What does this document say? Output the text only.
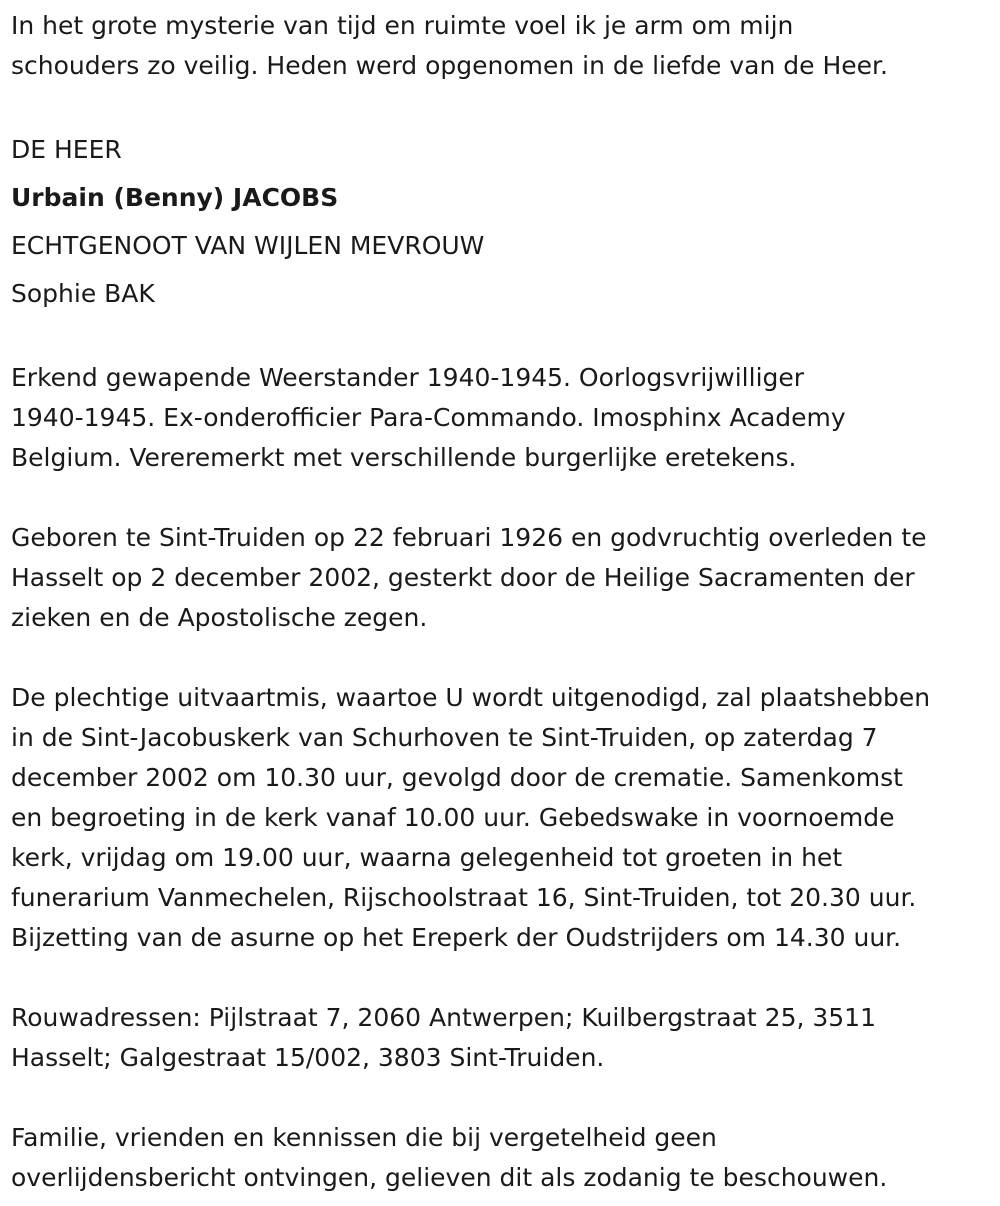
In het grote mysterie van tijd en ruimte voel ik je arm om mijn
schouders zo veilig. Heden werd opgenomen in de liefde van de Heer.
DE HEER
Urbain (Benny) JACOBS
ECHTGENOOT VAN WIJLEN MEVROUW
Sophie BAK
Erkend gewapende Weerstander 1940-1945. Oorlogsvrijwilliger
1940-1945. Ex-onderofficier Para-Commando. Imosphinx Academy
Belgium. Vereremerkt met verschillende burgerlijke eretekens.
Geboren te Sint-Truiden op 22 februari 1926 en godvruchtig overleden te
Hasselt op 2 december 2002, gesterkt door de Heilige Sacramenten der
zieken en de Apostolische zegen.
De plechtige uitvaartmis, waartoe U wordt uitgenodigd, zal plaatshebben
in de Sint-Jacobuskerk van Schurhoven te Sint-Truiden, op zaterdag 7
december 2002 om 10.30 uur, gevolgd door de crematie. Samenkomst
en begroeting in de kerk vanaf 10.00 uur. Gebedswake in voornoemde
kerk, vrijdag om 19.00 uur, waarna gelegenheid tot groeten in het
funerarium Vanmechelen, Rijschoolstraat 16, Sint-Truiden, tot 20.30 uur.
Bijzetting van de asurne op het Ereperk der Oudstrijders om 14.30 uur.
Rouwadressen: Pijlstraat 7, 2060 Antwerpen; Kuilbergstraat 25, 3511
Hasselt; Galgestraat 15/002, 3803 Sint-Truiden.
Familie, vrienden en kennissen die bij vergetelheid geen
overlijdensbericht ontvingen, gelieven dit als zodanig te beschouwen.
